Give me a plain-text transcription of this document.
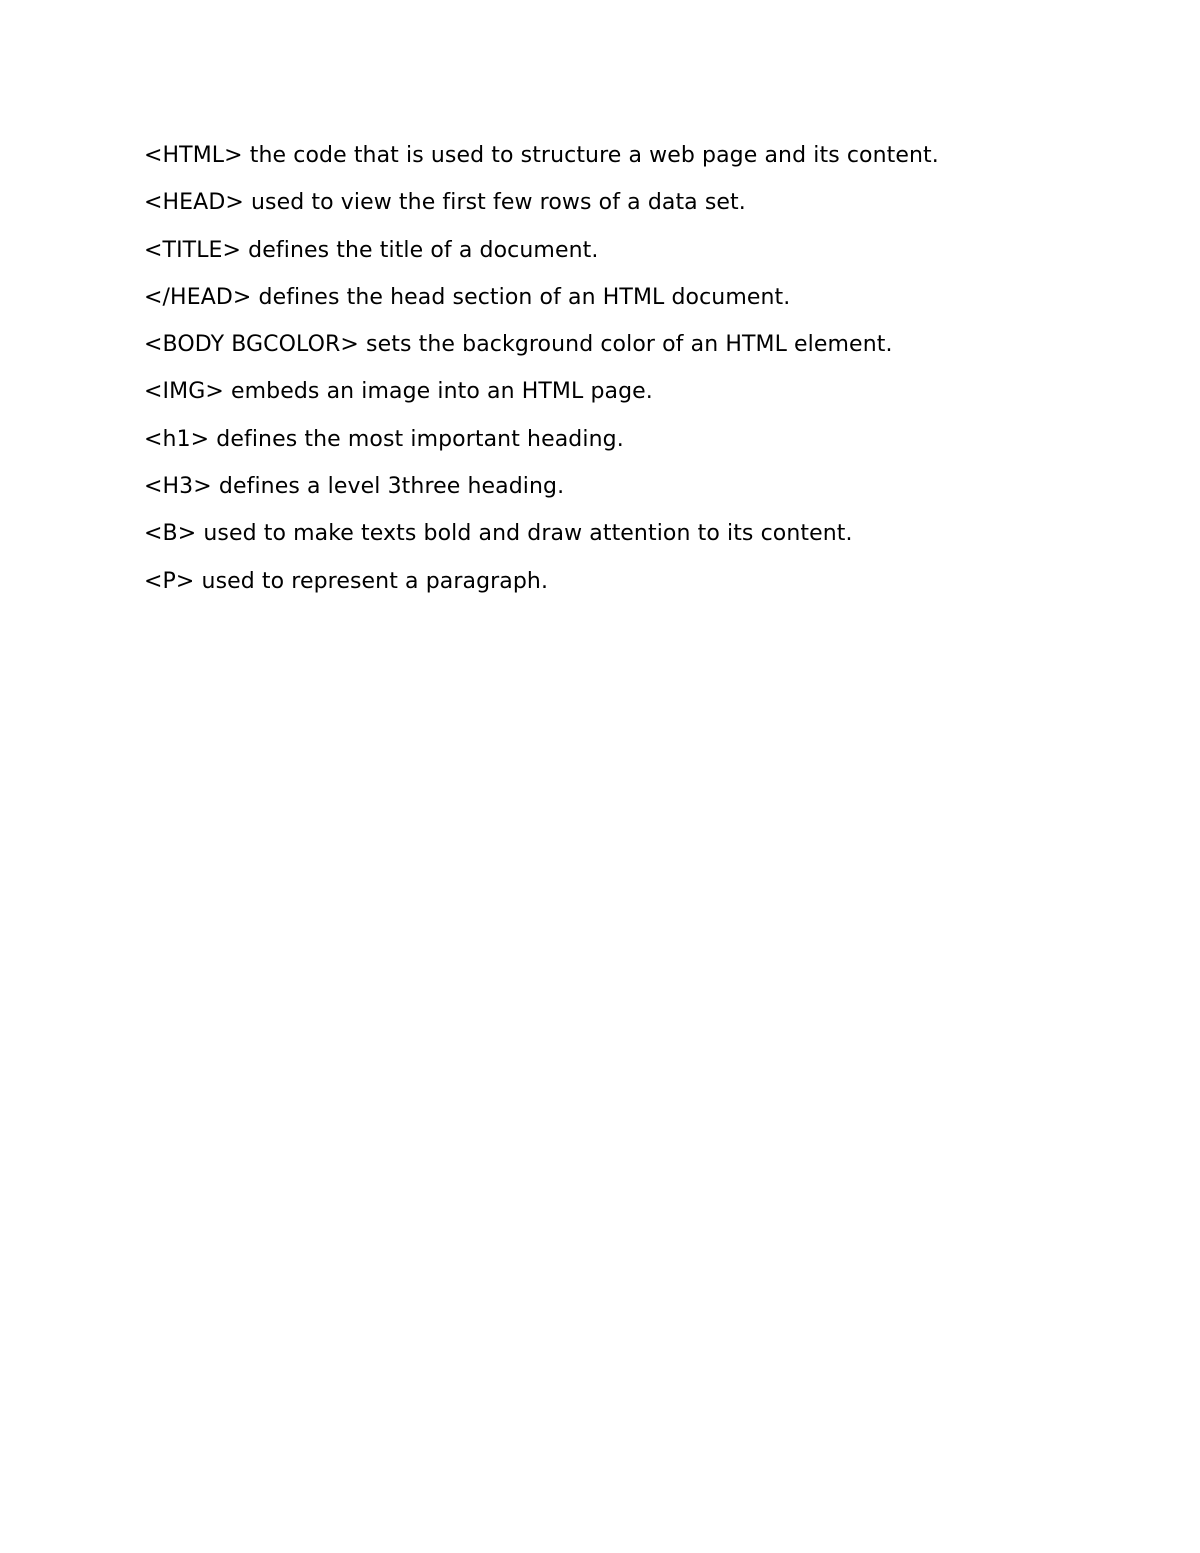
<HTML> the code that is used to structure a web page and its content.
<HEAD> used to view the first few rows of a data set.
<TITLE> defines the title of a document.
</HEAD> defines the head section of an HTML document.
<BODY BGCOLOR> sets the background color of an HTML element.
<IMG> embeds an image into an HTML page.
<h1> defines the most important heading.
<H3> defines a level 3three heading.
<B> used to make texts bold and draw attention to its content.
<P> used to represent a paragraph.
